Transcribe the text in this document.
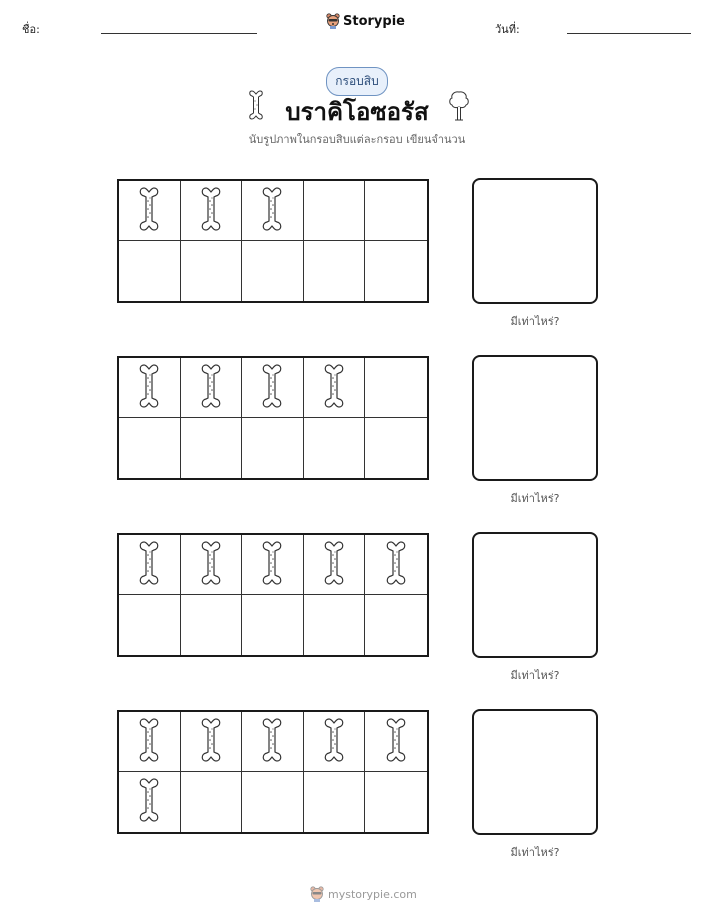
ชื่อ:
Storypie
วันที่:
กรอบสิบ
บราคิโอซอรัส
นับรูปภาพในกรอบสิบแต่ละกรอบ เขียนจำนวน
มีเท่าไหร่?
มีเท่าไหร่?
มีเท่าไหร่?
มีเท่าไหร่?
mystorypie.com
